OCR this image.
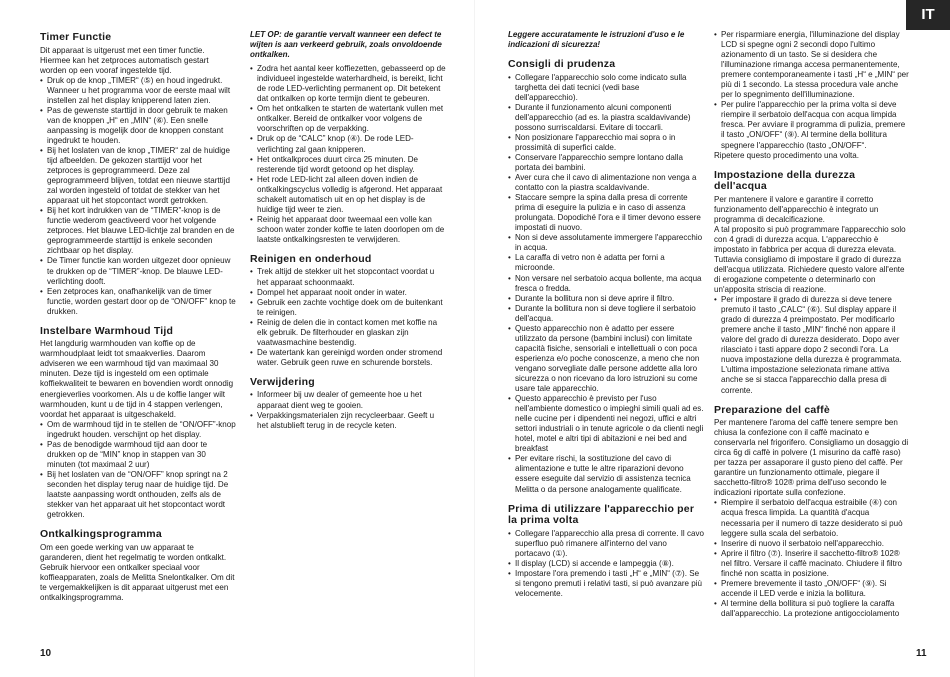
IT
Timer Functie

Dit apparaat is uitgerust met een timer functie. Hiermee kan het zetproces automatisch gestart worden op een vooraf ingestelde tijd.

• Druk op de knop „TIMER“ (⑤) en houd ingedrukt. Wanneer u het programma voor de eerste maal wilt instellen zal het display knipperend laten zien.
• Pas de gewenste starttijd in door gebruik te maken van de knoppen „H“ en „MIN“ (⑥). Een snelle aanpassing is mogelijk door de knoppen constant ingedrukt te houden.
• Bij het loslaten van de knop „TIMER“ zal de huidige tijd afbeelden. De gekozen starttijd voor het zetproces is geprogrammeerd. Deze zal geprogrammeerd blijven, totdat een nieuwe starttijd zal worden ingesteld of totdat de stekker van het apparaat uit het stopcontact wordt getrokken.
• Bij het kort indrukken van de “TIMER”-knop is de functie wederom geactiveerd voor het volgende zetproces. Het blauwe LED-lichtje zal branden en de geprogrammeerde starttijd is enkele seconden zichtbaar op het display.
• De Timer functie kan worden uitgezet door opnieuw te drukken op de “TIMER”-knop. De blauwe LED-verlichting dooft.
• Een zetproces kan, onafhankelijk van de timer functie, worden gestart door op de “ON/OFF” knop te drukken.
Instelbare Warmhoud Tijd

Het langdurig warmhouden van koffie op de warmhoudplaat leidt tot smaakverlies. Daarom adviseren we een warmhoud tijd van maximaal 30 minuten. Deze tijd is ingesteld om een optimale koffiekwaliteit te bewaren en bovendien wordt onnodig energieverlies voorkomen. Als u de koffie langer wilt warmhouden, kunt u de tijd in 4 stappen verlengen, voordat het apparaat is uitgeschakeld.

• Om de warmhoud tijd in te stellen de “ON/OFF”-knop ingedrukt houden. verschijnt op het display.
• Pas de benodigde warmhoud tijd aan door te drukken op de “MIN” knop in stappen van 30 minuten (tot maximaal 2 uur)
• Bij het loslaten van de “ON/OFF” knop springt na 2 seconden het display terug naar de huidige tijd. De laatste aanpassing wordt onthouden, zelfs als de stekker van het apparaat uit het stopcontact wordt getrokken.
Ontkalkingsprogramma

Om een goede werking van uw apparaat te garanderen, dient het regelmatig te worden ontkalkt. Gebruik hiervoor een ontkalker speciaal voor koffieapparaten, zoals de Melitta Snelontkalker. Om dit te vergemakkelijken is dit apparaat uitgerust met een ontkalkingsprogramma.

LET OP: de garantie vervalt wanneer een defect te wijten is aan verkeerd gebruik, zoals onvoldoende ontkalken.

• Zodra het aantal keer koffiezetten, gebasseerd op de individueel ingestelde waterhardheid, is bereikt, licht de rode LED-verlichting permanent op. Dit betekent dat ontkalken op korte termijn dient te gebeuren.
• Om het ontkalken te starten de watertank vullen met ontkalker. Bereid de ontkalker voor volgens de voorschriften op de verpakking.
• Druk op de “CALC” knop (④). De rode LED-verlichting zal gaan knipperen.
• Het ontkalkproces duurt circa 25 minuten. De resterende tijd wordt getoond op het display.
• Het rode LED-licht zal alleen doven indien de ontkalkingscyclus volledig is afgerond. Het apparaat schakelt automatisch uit en op het display is de huidige tijd weer te zien.
• Reinig het apparaat door tweemaal een volle kan schoon water zonder koffie te laten doorlopen om de laatste ontkalkingsresten te verwijderen.
Reinigen en onderhoud
• Trek altijd de stekker uit het stopcontact voordat u het apparaat schoonmaakt.
• Dompel het apparaat nooit onder in water.
• Gebruik een zachte vochtige doek om de buitenkant te reinigen.
• Reinig de delen die in contact komen met koffie na elk gebruik. De filterhouder en glaskan zijn vaatwasmachine bestendig.
• De watertank kan gereinigd worden onder stromend water. Gebruik geen ruwe en schurende borstels.
Verwijdering
• Informeer bij uw dealer of gemeente hoe u het apparaat dient weg te gooien.
• Verpakkingsmaterialen zijn recycleerbaar. Geeft u het alstublieft terug in de recycle keten.

Leggere accuratamente le istruzioni d'uso e le indicazioni di sicurezza!

Consigli di prudenza
• Collegare l'apparecchio solo come indicato sulla targhetta dei dati tecnici (vedi base dell'apparecchio).
• Durante il funzionamento alcuni componenti dell'apparecchio (ad es. la piastra scaldavivande) possono surriscaldarsi. Evitare di toccarli.
• Non posizionare l'apparecchio mai sopra o in prossimità di superfici calde.
• Conservare l'apparecchio sempre lontano dalla portata dei bambini.
• Aver cura che il cavo di alimentazione non venga a contatto con la piastra scaldavivande.
• Staccare sempre la spina dalla presa di corrente prima di eseguire la pulizia e in caso di assenza prolungata. Dopodiché l'ora e il timer devono essere impostati di nuovo.
• Non si deve assolutamente immergere l'apparecchio in acqua.
• La caraffa di vetro non è adatta per forni a microonde.
• Non versare nel serbatoio acqua bollente, ma acqua fresca o fredda.
• Durante la bollitura non si deve aprire il filtro.
• Durante la bollitura non si deve togliere il serbatoio dell'acqua.
• Questo apparecchio non è adatto per essere utilizzato da persone (bambini inclusi) con limitate capacità fisiche, sensoriali e intellettuali o con poca esperienza e/o poche conoscenze, a meno che non vengano sorvegliate dalle persone addette alla loro sicurezza o non ricevano da loro istruzioni su come usare tale apparecchio.
• Questo apparecchio è previsto per l'uso nell'ambiente domestico o impieghi simili quali ad es. nelle cucine per i dipendenti nei negozi, uffici e altri settori industriali o in tenute agricole o da clienti negli hotel, motel e altri tipi di abitazioni e nei bed and breakfast
• Per evitare rischi, la sostituzione del cavo di alimentazione e tutte le altre riparazioni devono essere eseguite dal servizio di assistenza tecnica Melitta o da persone analogamente qualificate.
Prima di utilizzare l'apparecchio per la prima volta
• Collegare l'apparecchio alla presa di corrente. Il cavo superfluo può rimanere all'interno del vano portacavo (①).
• Il display (LCD) si accende e lampeggia (⑧).
• Impostare l'ora premendo i tasti „H“ e „MIN“ (⑦). Se si tengono premuti i relativi tasti, si può avanzare più velocemente.
• Per risparmiare energia, l'illuminazione del display LCD si spegne ogni 2 secondi dopo l'ultimo azionamento di un tasto. Se si desidera che l'illuminazione rimanga accesa permanentemente, premere contemporaneamente i tasti „H“ e „MIN“ per più di 1 secondo. La stessa procedura vale anche per lo spegnimento dell'illuminazione.
• Per pulire l'apparecchio per la prima volta si deve riempire il serbatoio dell'acqua con acqua limpida fresca. Per avviare il programma di pulizia, premere il tasto „ON/OFF“ (⑨). Al termine della bollitura spegnere l'apparecchio (tasto „ON/OFF“.

Ripetere questo procedimento una volta.

Impostazione della durezza dell'acqua

Per mantenere il valore e garantire il corretto funzionamento dell'apparecchio è integrato un programma di decalcificazione.

A tal proposito si può programmare l'apparecchio solo con 4 gradi di durezza acqua. L'apparecchio è impostato in fabbrica per acqua di durezza elevata. Tuttavia consigliamo di impostare il grado di durezza dell'acqua utilizzata. Richiedere questo valore all'ente di erogazione competente o determinarlo con un'apposita striscia di reazione.

• Per impostare il grado di durezza si deve tenere premuto il tasto „CALC“ (⑥). Sul display appare il grado di durezza 4 preimpostato. Per modificarlo premere anche il tasto „MIN“ finché non appare il valore del grado di durezza desiderato. Dopo aver rilasciato i tasti appare dopo 2 secondi l'ora. La nuova impostazione della durezza è programmata. L'ultima impostazione selezionata rimane attiva anche se si stacca l'apparecchio dalla presa di corrente.
Preparazione del caffè

Per mantenere l'aroma del caffè tenere sempre ben chiusa la confezione con il caffè macinato e conservarla nel frigorifero. Consigliamo un dosaggio di circa 6g di caffè in polvere (1 misurino da caffè raso) per tazza per assaporare il gusto pieno del caffè. Per garantire un funzionamento ottimale, piegare il sacchetto-filtro® 102® prima dell'uso secondo le indicazioni riportate sulla confezione.

• Riempire il serbatoio dell'acqua estraibile (④) con acqua fresca limpida. La quantità d'acqua necessaria per il numero di tazze desiderato si può leggere sulla scala del serbatoio.
• Inserire di nuovo il serbatoio nell'apparecchio.
• Aprire il filtro (⑦). Inserire il sacchetto-filtro® 102® nel filtro. Versare il caffè macinato. Chiudere il filtro finché non scatta in posizione.
• Premere brevemente il tasto „ON/OFF“ (⑨). Si accende il LED verde e inizia la bollitura.
• Al termine della bollitura si può togliere la caraffa dall'apparecchio. La protezione antigocciolamento
10	11
